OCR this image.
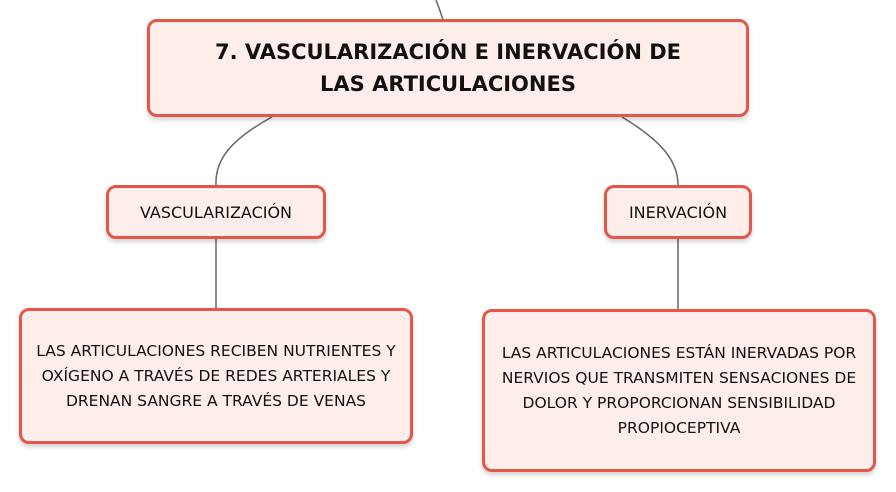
7. VASCULARIZACIÓN E INERVACIÓN DE LAS ARTICULACIONES
VASCULARIZACIÓN	INERVACIÓN
LAS ARTICULACIONES RECIBEN NUTRIENTES Y OXÍGENO A TRAVÉS DE REDES ARTERIALES Y DRENAN SANGRE A TRAVÉS DE VENAS
LAS ARTICULACIONES ESTÁN INERVADAS POR NERVIOS QUE TRANSMITEN SENSACIONES DE DOLOR Y PROPORCIONAN SENSIBILIDAD PROPIOCEPTIVA
